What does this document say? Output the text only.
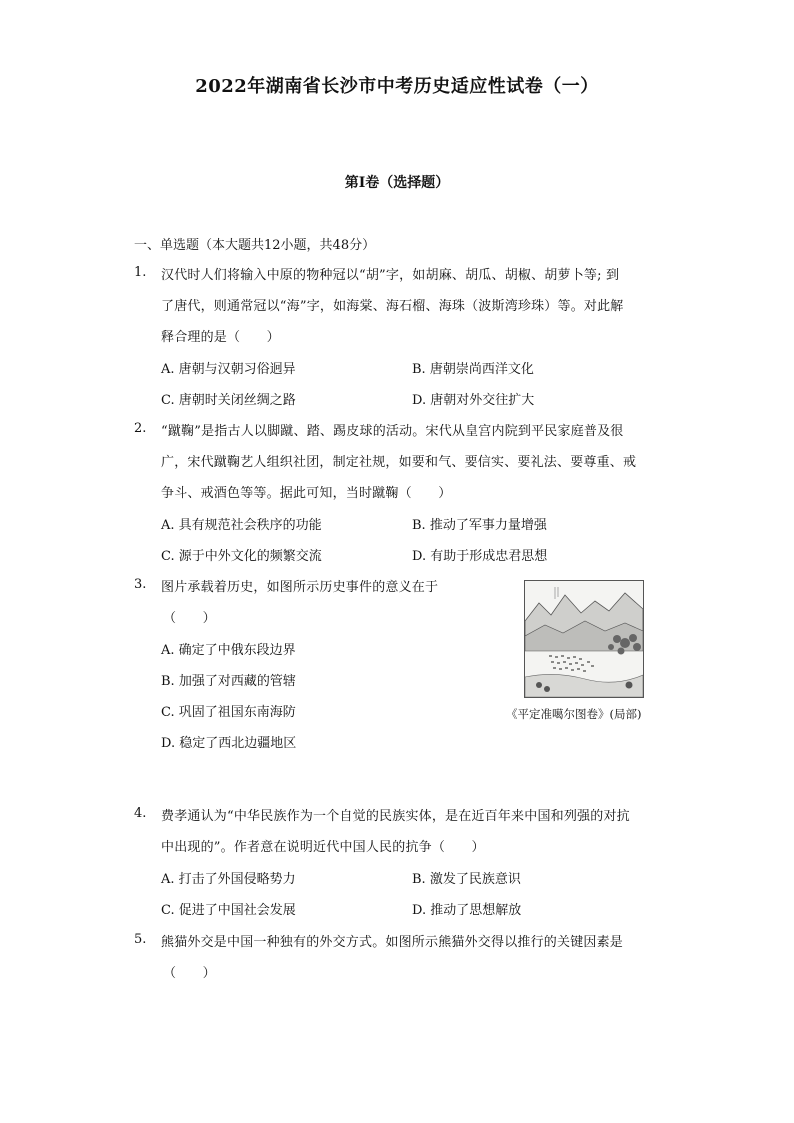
2022年湖南省长沙市中考历史适应性试卷（一）
第I卷（选择题）
一、单选题（本大题共12小题，共48分）
1.	汉代时人们将输入中原的物种冠以“胡”字，如胡麻、胡瓜、胡椒、胡萝卜等; 到
了唐代，则通常冠以“海”字，如海棠、海石榴、海珠（波斯湾珍珠）等。对此解
释合理的是（　　）
A. 唐朝与汉朝习俗迥异	B. 唐朝崇尚西洋文化
C. 唐朝时关闭丝绸之路	D. 唐朝对外交往扩大
2.	“蹴鞠”是指古人以脚蹴、踏、踢皮球的活动。宋代从皇宫内院到平民家庭普及很
广，宋代蹴鞠艺人组织社团，制定社规，如要和气、要信实、要礼法、要尊重、戒
争斗、戒酒色等等。据此可知，当时蹴鞠（　　）
A. 具有规范社会秩序的功能	B. 推动了军事力量增强
C. 源于中外文化的频繁交流	D. 有助于形成忠君思想
3.	图片承载着历史，如图所示历史事件的意义在于
（　　）
A. 确定了中俄东段边界
B. 加强了对西藏的管辖
C. 巩固了祖国东南海防
D. 稳定了西北边疆地区
《平定准噶尔图卷》(局部)
4.	费孝通认为“中华民族作为一个自觉的民族实体，是在近百年来中国和列强的对抗
中出现的”。作者意在说明近代中国人民的抗争（　　）
A. 打击了外国侵略势力	B. 激发了民族意识
C. 促进了中国社会发展	D. 推动了思想解放
5.	熊猫外交是中国一种独有的外交方式。如图所示熊猫外交得以推行的关键因素是
（　　）
